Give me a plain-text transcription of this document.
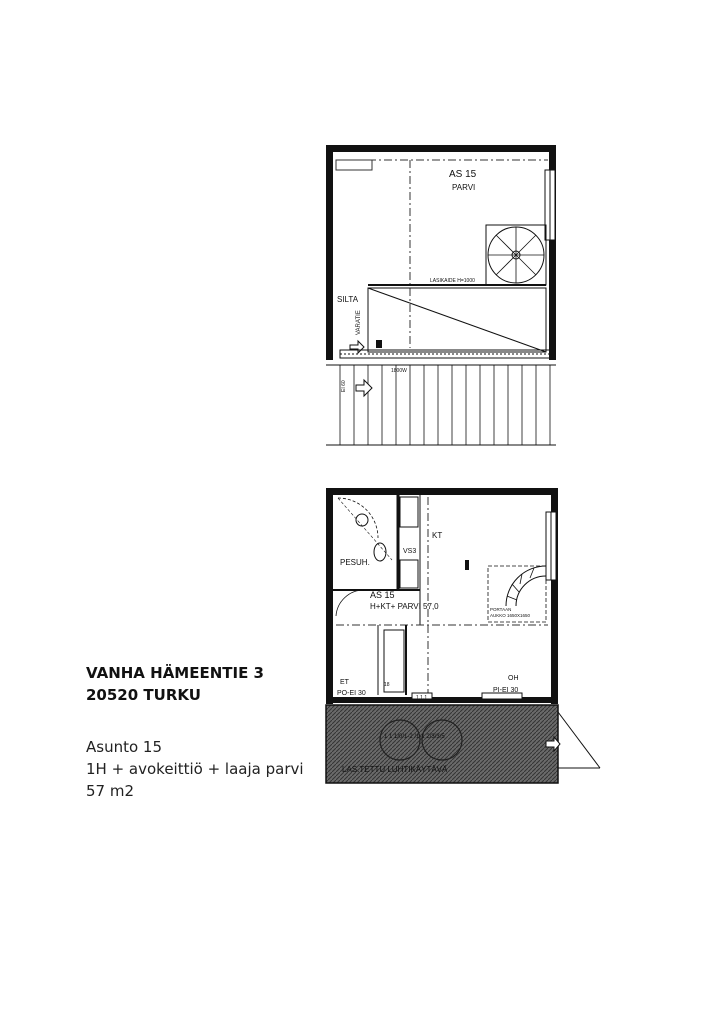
VANHA HÄMEENTIE 3
20520 TURKU
Asunto 15
1H + avokeittiö + laaja parvi
57 m2
AS 15
PARVI
LASIKAIDE H=1000
SILTA
VARATIE
1800W
EI 60
KT
PESUH.
VS3
AS 15
H+KT+ PARVI 57,0	PORTAAN
AUKKO 1650X1650
ET
PO-EI 30
OH
PI-EI 30
1.1.1
18
1 1 1/0/1-2 /1-1 2/3/3/5
LAS.TETTU LUHTIKÄYTÄVÄ
